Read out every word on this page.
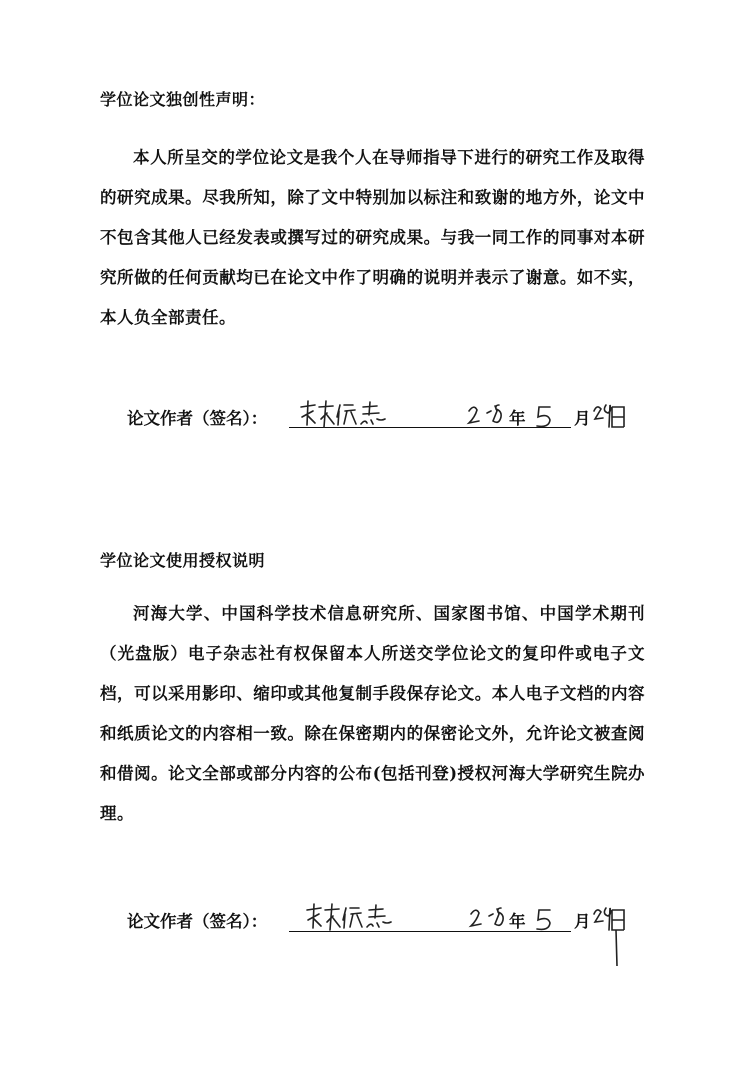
学位论文独创性声明：

本人所呈交的学位论文是我个人在导师指导下进行的研究工作及取得的研究成果。尽我所知，除了文中特别加以标注和致谢的地方外，论文中不包含其他人已经发表或撰写过的研究成果。与我一同工作的同事对本研究所做的任何贡献均已在论文中作了明确的说明并表示了谢意。如不实，本人负全部责任。

论文作者（签名）：	年	月
日
学位论文使用授权说明

河海大学、中国科学技术信息研究所、国家图书馆、中国学术期刊（光盘版）电子杂志社有权保留本人所送交学位论文的复印件或电子文档，可以采用影印、缩印或其他复制手段保存论文。本人电子文档的内容和纸质论文的内容相一致。除在保密期内的保密论文外，允许论文被查阅和借阅。论文全部或部分内容的公布(包括刊登)授权河海大学研究生院办理。

论文作者（签名）：	年	月
日
